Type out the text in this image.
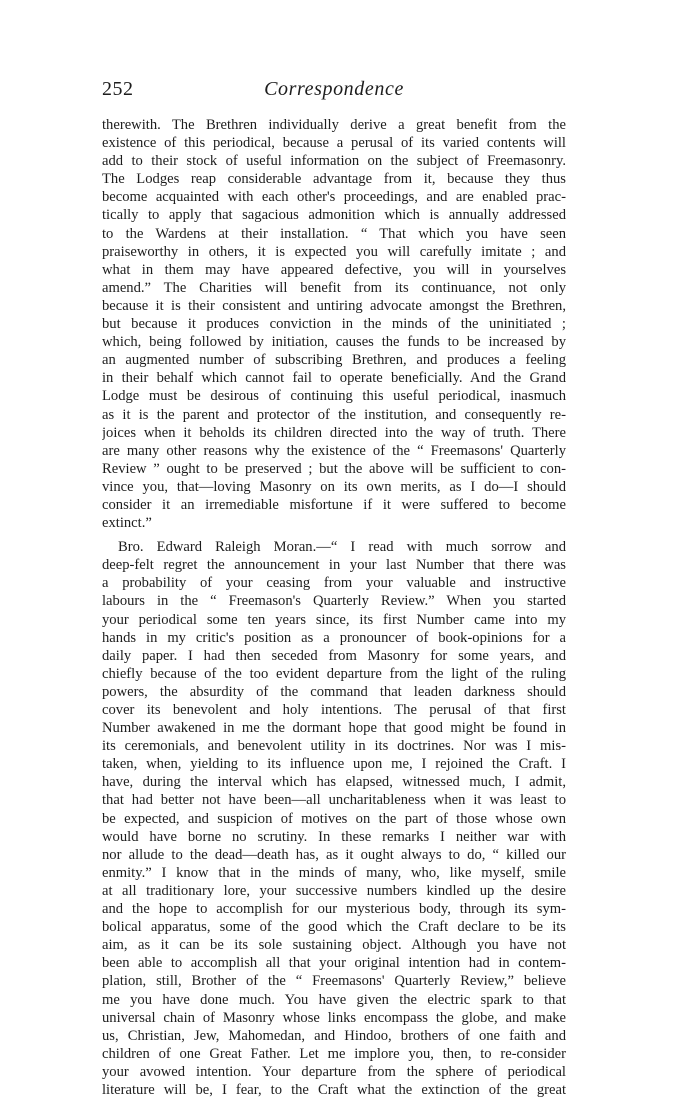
252	Correspondence
therewith. The Brethren individually derive a great benefit from the
existence of this periodical, because a perusal of its varied contents will
add to their stock of useful information on the subject of Freemasonry.
The Lodges reap considerable advantage from it, because they thus
become acquainted with each other's proceedings, and are enabled prac-
tically to apply that sagacious admonition which is annually addressed
to the Wardens at their installation. “ That which you have seen
praiseworthy in others, it is expected you will carefully imitate ; and
what in them may have appeared defective, you will in yourselves
amend.” The Charities will benefit from its continuance, not only
because it is their consistent and untiring advocate amongst the Brethren,
but because it produces conviction in the minds of the uninitiated ;
which, being followed by initiation, causes the funds to be increased by
an augmented number of subscribing Brethren, and produces a feeling
in their behalf which cannot fail to operate beneficially. And the Grand
Lodge must be desirous of continuing this useful periodical, inasmuch
as it is the parent and protector of the institution, and consequently re-
joices when it beholds its children directed into the way of truth. There
are many other reasons why the existence of the “ Freemasons' Quarterly
Review ” ought to be preserved ; but the above will be sufficient to con-
vince you, that—loving Masonry on its own merits, as I do—I should
consider it an irremediable misfortune if it were suffered to become
extinct.”
Bro. Edward Raleigh Moran.—“ I read with much sorrow and
deep-felt regret the announcement in your last Number that there was
a probability of your ceasing from your valuable and instructive
labours in the “ Freemason's Quarterly Review.” When you started
your periodical some ten years since, its first Number came into my
hands in my critic's position as a pronouncer of book-opinions for a
daily paper. I had then seceded from Masonry for some years, and
chiefly because of the too evident departure from the light of the ruling
powers, the absurdity of the command that leaden darkness should
cover its benevolent and holy intentions. The perusal of that first
Number awakened in me the dormant hope that good might be found in
its ceremonials, and benevolent utility in its doctrines. Nor was I mis-
taken, when, yielding to its influence upon me, I rejoined the Craft. I
have, during the interval which has elapsed, witnessed much, I admit,
that had better not have been—all uncharitableness when it was least to
be expected, and suspicion of motives on the part of those whose own
would have borne no scrutiny. In these remarks I neither war with
nor allude to the dead—death has, as it ought always to do, “ killed our
enmity.” I know that in the minds of many, who, like myself, smile
at all traditionary lore, your successive numbers kindled up the desire
and the hope to accomplish for our mysterious body, through its sym-
bolical apparatus, some of the good which the Craft declare to be its
aim, as it can be its sole sustaining object. Although you have not
been able to accomplish all that your original intention had in contem-
plation, still, Brother of the “ Freemasons' Quarterly Review,” believe
me you have done much. You have given the electric spark to that
universal chain of Masonry whose links encompass the globe, and make
us, Christian, Jew, Mahomedan, and Hindoo, brothers of one faith and
children of one Great Father. Let me implore you, then, to re-consider
your avowed intention. Your departure from the sphere of periodical
literature will be, I fear, to the Craft what the extinction of the great
